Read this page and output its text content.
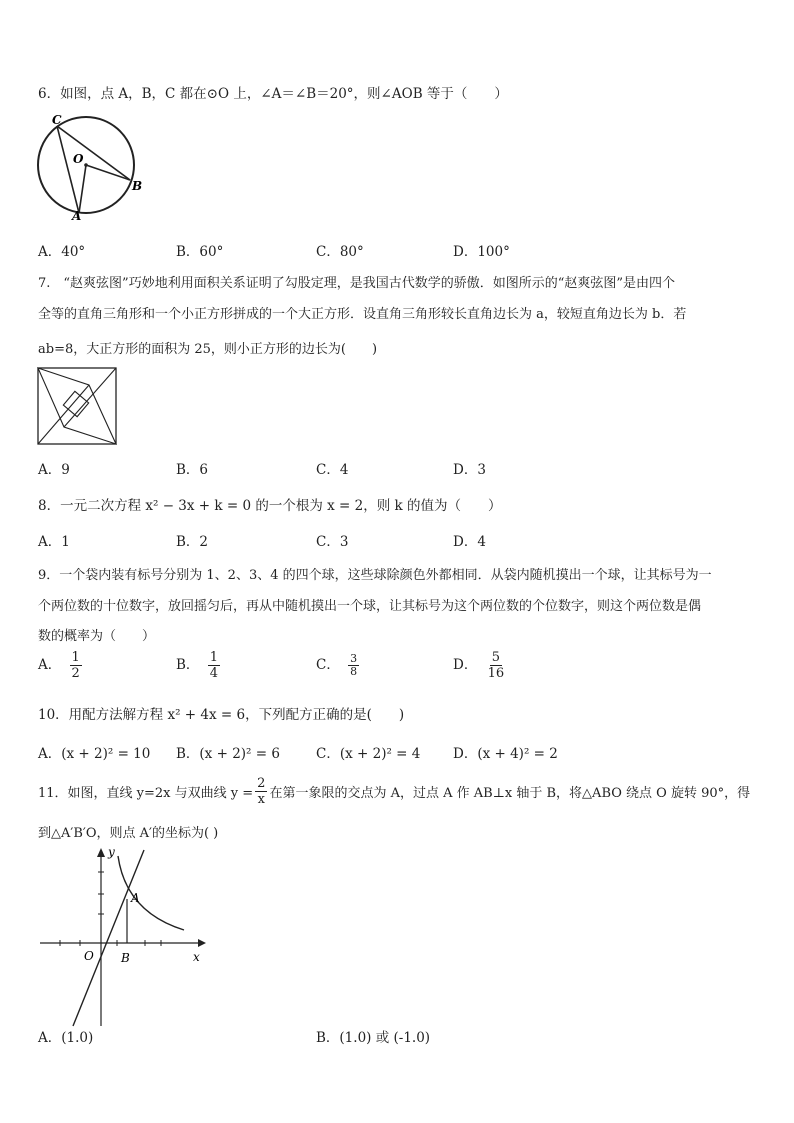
6．如图，点 A，B，C 都在⊙O 上，∠A＝∠B＝20°，则∠AOB 等于（　　）
C
O
B
A
A．40°	B．60°	C．80°	D．100°
7.　“赵爽弦图”巧妙地利用面积关系证明了勾股定理，是我国古代数学的骄傲．如图所示的“赵爽弦图”是由四个
全等的直角三角形和一个小正方形拼成的一个大正方形．设直角三角形较长直角边长为 a，较短直角边长为 b．若
ab=8，大正方形的面积为 25，则小正方形的边长为(　　)
A．9	B．6	C．4	D．3
8．一元二次方程 x² − 3x + k = 0 的一个根为 x = 2，则 k 的值为（　　）
A．1	B．2	C．3	D．4
9．一个袋内装有标号分别为 1、2、3、4 的四个球，这些球除颜色外都相同．从袋内随机摸出一个球，让其标号为一
个两位数的十位数字，放回摇匀后，再从中随机摸出一个球，让其标号为这个两位数的个位数字，则这个两位数是偶
数的概率为（　　）
A． $\frac{1}{2}$	B． $\frac{1}{4}$	C． $\frac{3}{8}$	D． $\frac{5}{16}$
10．用配方法解方程 x² + 4x = 6，下列配方正确的是(　　)
A．(x + 2)² = 10 B．(x + 2)² = 6	C．(x + 2)² = 4 D．(x + 4)² = 2
11．如图，直线 y=2x 与双曲线 $y = \frac{2}{x}$ 在第一象限的交点为 A，过点 A 作 AB⊥x 轴于 B，将△ABO 绕点 O 旋转 90°，得
到△A′B′O，则点 A′的坐标为( )
y
x
A
O B
A．(1.0)	B．(1.0) 或 (-1.0)
